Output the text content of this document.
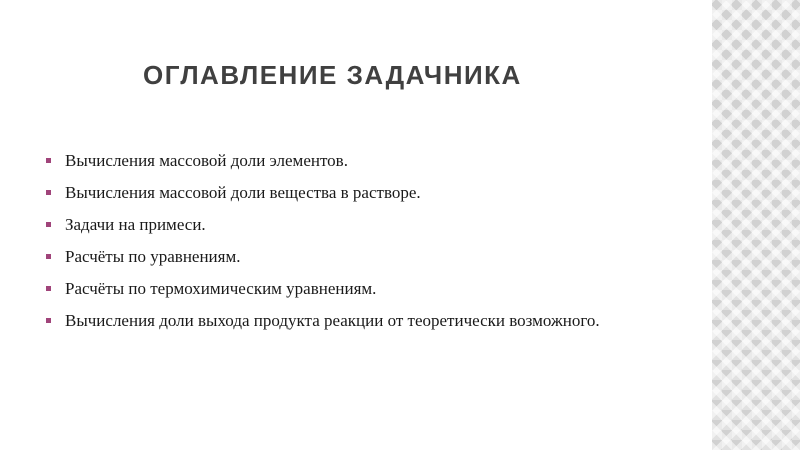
ОГЛАВЛЕНИЕ ЗАДАЧНИКА
Вычисления массовой доли элементов.
Вычисления массовой доли вещества в растворе.
Задачи на примеси.
Расчёты по уравнениям.
Расчёты по термохимическим уравнениям.
Вычисления доли выхода продукта реакции от теоретически возможного.
